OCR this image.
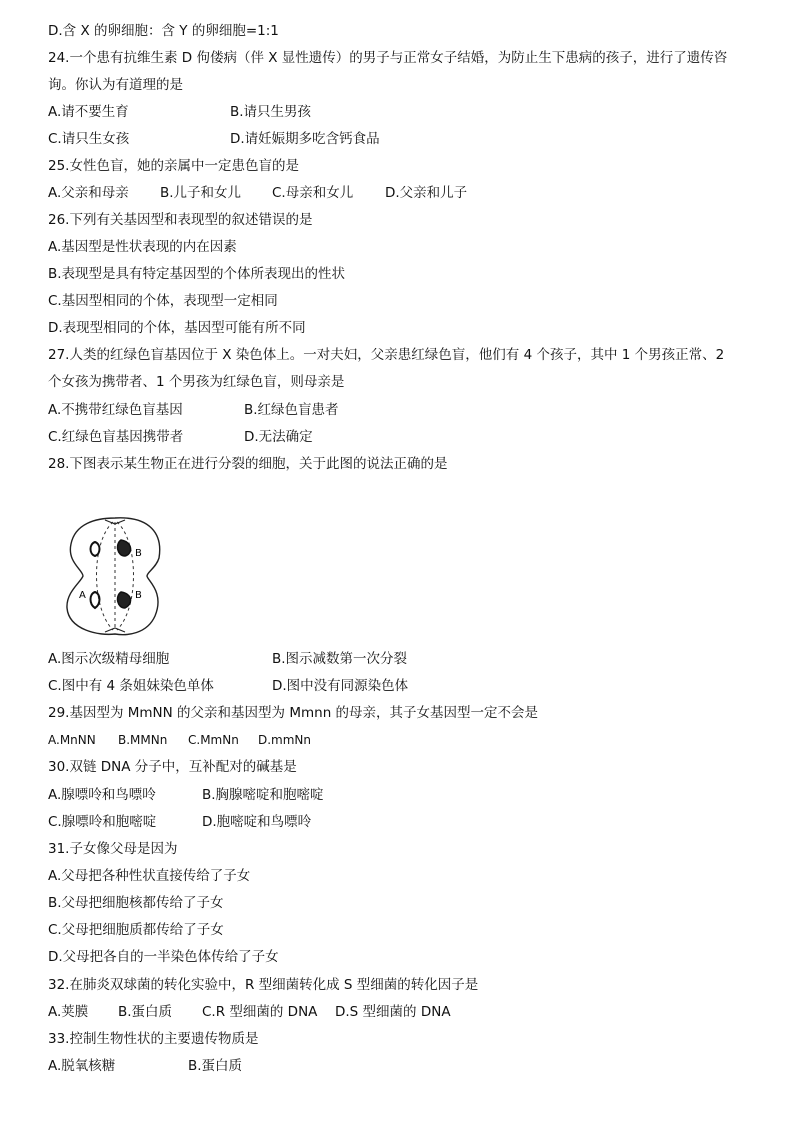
D.含 X 的卵细胞：含 Y 的卵细胞=1:1
24.一个患有抗维生素 D 佝偻病（伴 X 显性遗传）的男子与正常女子结婚，为防止生下患病的孩子，进行了遗传咨
询。你认为有道理的是
A.请不要生育	B.请只生男孩
C.请只生女孩	D.请妊娠期多吃含钙食品
25.女性色盲，她的亲属中一定患色盲的是
A.父亲和母亲 B.儿子和女儿 C.母亲和女儿 D.父亲和儿子
26.下列有关基因型和表现型的叙述错误的是
A.基因型是性状表现的内在因素
B.表现型是具有特定基因型的个体所表现出的性状
C.基因型相同的个体，表现型一定相同
D.表现型相同的个体，基因型可能有所不同
27.人类的红绿色盲基因位于 X 染色体上。一对夫妇，父亲患红绿色盲，他们有 4 个孩子，其中 1 个男孩正常、2
个女孩为携带者、1 个男孩为红绿色盲，则母亲是
A.不携带红绿色盲基因	B.红绿色盲患者
C.红绿色盲基因携带者	D.无法确定
28.下图表示某生物正在进行分裂的细胞，关于此图的说法正确的是
B
A	B
A.图示次级精母细胞	B.图示减数第一次分裂
C.图中有 4 条姐妹染色单体	D.图中没有同源染色体
29.基因型为 MmNN 的父亲和基因型为 Mmnn 的母亲，其子女基因型一定不会是
A.MnNN B.MMNn C.MmNn D.mmNn
30.双链 DNA 分子中，互补配对的碱基是
A.腺嘌呤和鸟嘌呤	B.胸腺嘧啶和胞嘧啶
C.腺嘌呤和胞嘧啶	D.胞嘧啶和鸟嘌呤
31.子女像父母是因为
A.父母把各种性状直接传给了子女
B.父母把细胞核都传给了子女
C.父母把细胞质都传给了子女
D.父母把各自的一半染色体传给了子女
32.在肺炎双球菌的转化实验中，R 型细菌转化成 S 型细菌的转化因子是
A.荚膜 B.蛋白质 C.R 型细菌的 DNA D.S 型细菌的 DNA
33.控制生物性状的主要遗传物质是
A.脱氧核糖	B.蛋白质
